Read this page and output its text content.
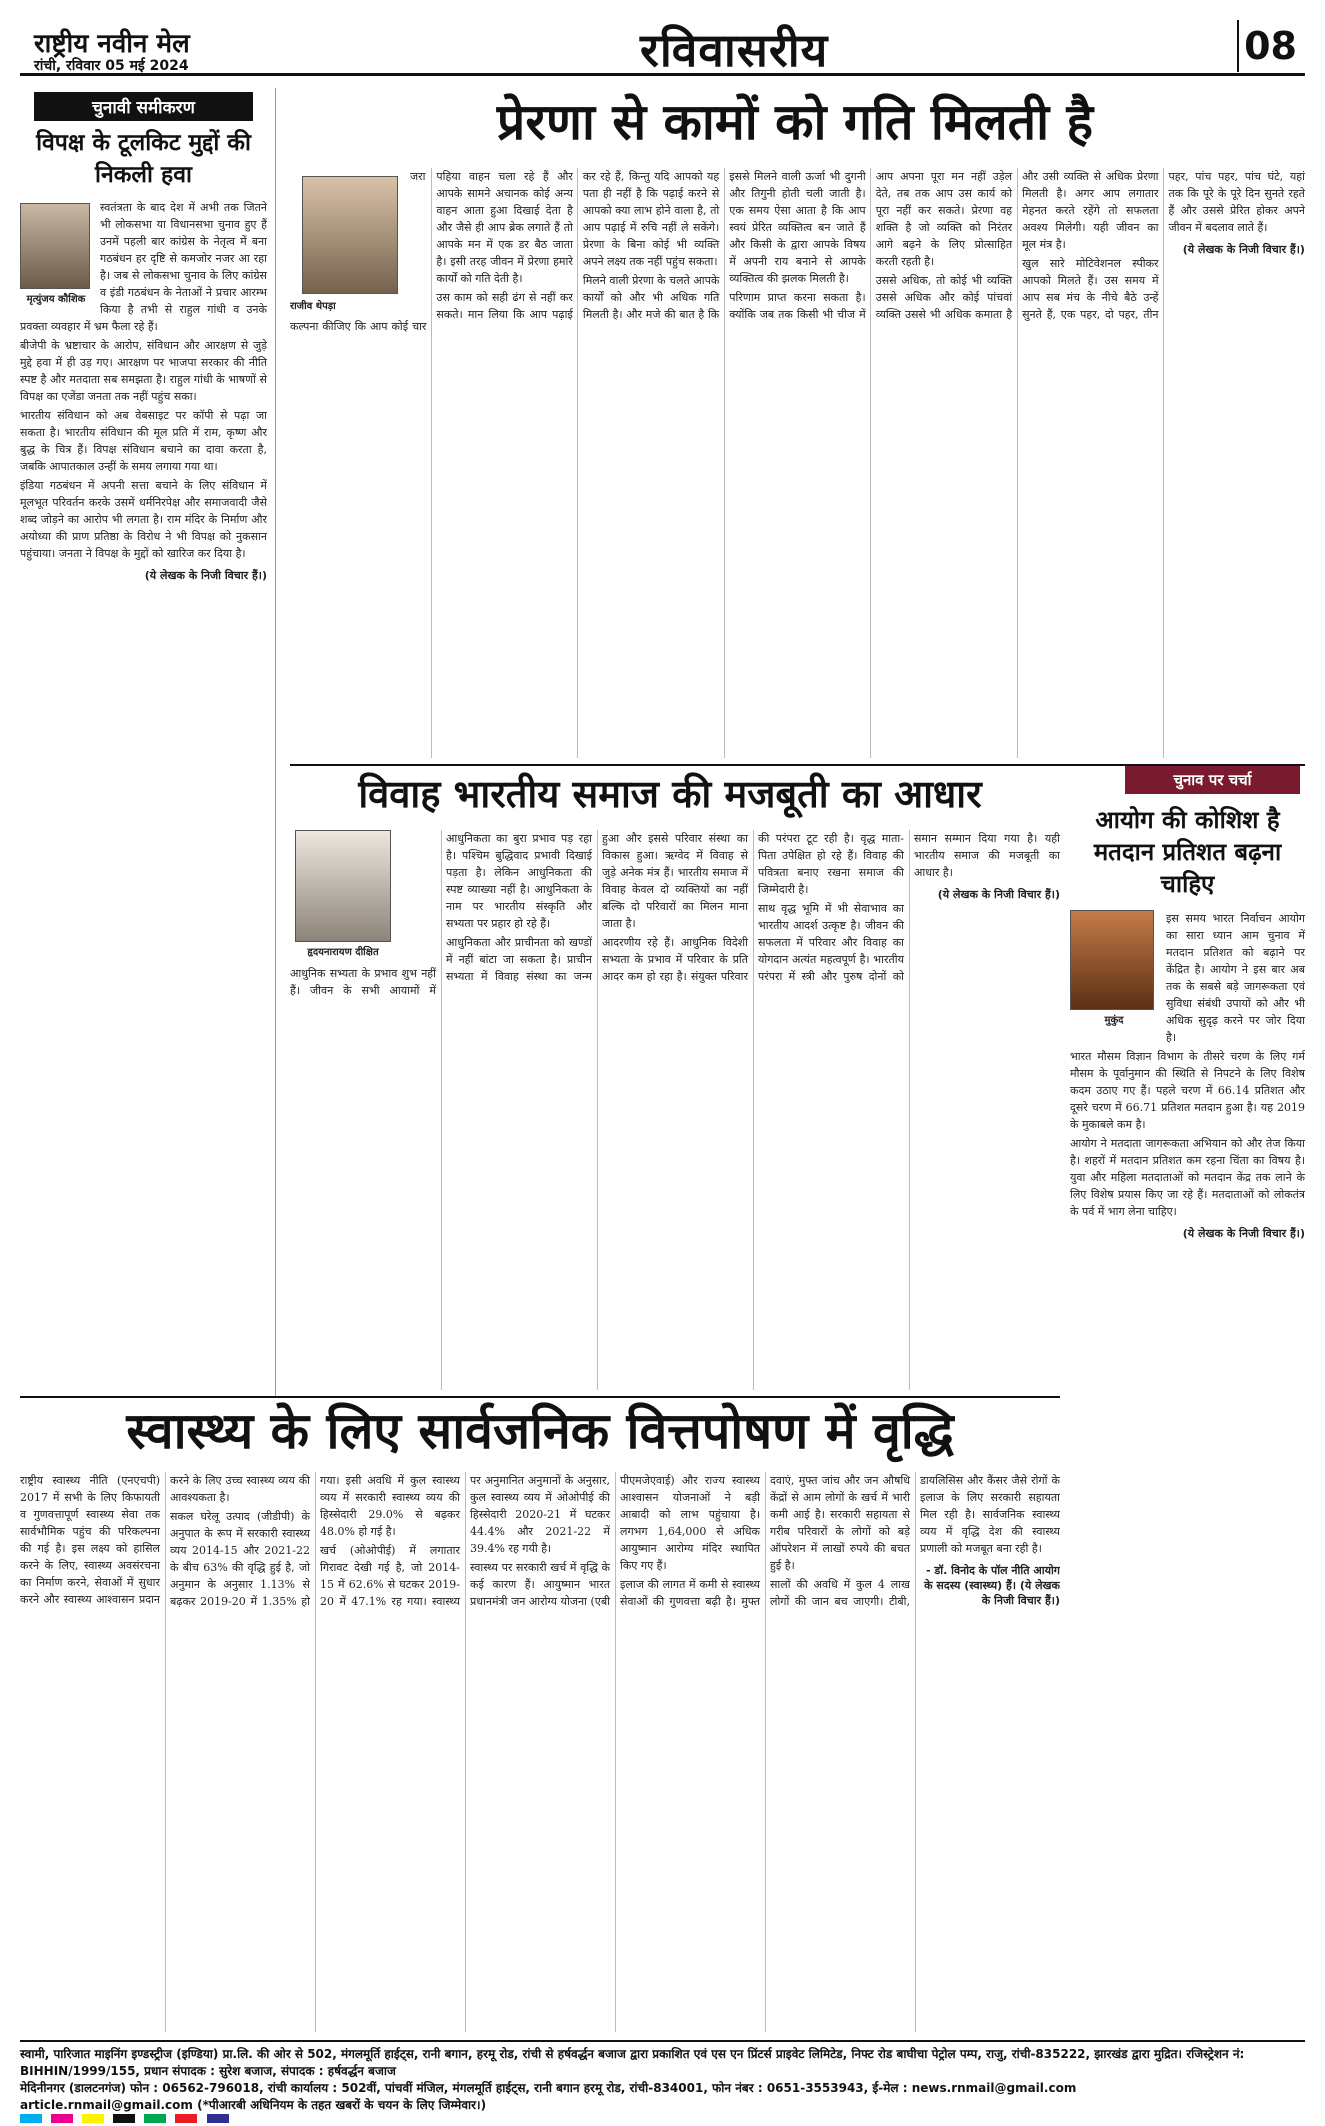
राष्ट्रीय नवीन मेल
रांची, रविवार 05 मई 2024	रविवासरीय	08
चुनावी समीकरण
विपक्ष के टूलकिट मुद्दों की निकली हवा
मृत्युंजय कौशिक

स्वतंत्रता के बाद देश में अभी तक जितने भी लोकसभा या विधानसभा चुनाव हुए हैं उनमें पहली बार कांग्रेस के नेतृत्व में बना गठबंधन हर दृष्टि से कमजोर नजर आ रहा है। जब से लोकसभा चुनाव के लिए कांग्रेस व इंडी गठबंधन के नेताओं ने प्रचार आरम्भ किया है तभी से राहुल गांधी व उनके प्रवक्ता व्यवहार में भ्रम फैला रहे हैं।

बीजेपी के भ्रष्टाचार के आरोप, संविधान और आरक्षण से जुड़े मुद्दे हवा में ही उड़ गए। आरक्षण पर भाजपा सरकार की नीति स्पष्ट है और मतदाता सब समझता है। राहुल गांधी के भाषणों से विपक्ष का एजेंडा जनता तक नहीं पहुंच सका।

भारतीय संविधान को अब वेबसाइट पर कॉपी से पढ़ा जा सकता है। भारतीय संविधान की मूल प्रति में राम, कृष्ण और बुद्ध के चित्र हैं। विपक्ष संविधान बचाने का दावा करता है, जबकि आपातकाल उन्हीं के समय लगाया गया था।

इंडिया गठबंधन में अपनी सत्ता बचाने के लिए संविधान में मूलभूत परिवर्तन करके उसमें धर्मनिरपेक्ष और समाजवादी जैसे शब्द जोड़ने का आरोप भी लगता है। राम मंदिर के निर्माण और अयोध्या की प्राण प्रतिष्ठा के विरोध ने भी विपक्ष को नुकसान पहुंचाया। जनता ने विपक्ष के मुद्दों को खारिज कर दिया है।

(ये लेखक के निजी विचार हैं।)
प्रेरणा से कामों को गति मिलती है
राजीव थेपड़ा

जरा कल्पना कीजिए कि आप कोई चार पहिया वाहन चला रहे हैं और आपके सामने अचानक कोई अन्य वाहन आता हुआ दिखाई देता है और जैसे ही आप ब्रेक लगाते हैं तो आपके मन में एक डर बैठ जाता है। इसी तरह जीवन में प्रेरणा हमारे कार्यों को गति देती है।

उस काम को सही ढंग से नहीं कर सकते। मान लिया कि आप पढ़ाई कर रहे हैं, किन्तु यदि आपको यह पता ही नहीं है कि पढ़ाई करने से आपको क्या लाभ होने वाला है, तो आप पढ़ाई में रुचि नहीं ले सकेंगे। प्रेरणा के बिना कोई भी व्यक्ति अपने लक्ष्य तक नहीं पहुंच सकता।

मिलने वाली प्रेरणा के चलते आपके कार्यों को और भी अधिक गति मिलती है। और मजे की बात है कि इससे मिलने वाली ऊर्जा भी दुगनी और तिगुनी होती चली जाती है। एक समय ऐसा आता है कि आप स्वयं प्रेरित व्यक्तित्व बन जाते हैं और किसी के द्वारा आपके विषय में अपनी राय बनाने से आपके व्यक्तित्व की झलक मिलती है।

परिणाम प्राप्त करना सकता है। क्योंकि जब तक किसी भी चीज में आप अपना पूरा मन नहीं उड़ेल देते, तब तक आप उस कार्य को पूरा नहीं कर सकते। प्रेरणा वह शक्ति है जो व्यक्ति को निरंतर आगे बढ़ने के लिए प्रोत्साहित करती रहती है।

उससे अधिक, तो कोई भी व्यक्ति उससे अधिक और कोई पांचवां व्यक्ति उससे भी अधिक कमाता है और उसी व्यक्ति से अधिक प्रेरणा मिलती है। अगर आप लगातार मेहनत करते रहेंगे तो सफलता अवश्य मिलेगी। यही जीवन का मूल मंत्र है।

खुल सारे मोटिवेशनल स्पीकर आपको मिलते हैं। उस समय में आप सब मंच के नीचे बैठे उन्हें सुनते हैं, एक पहर, दो पहर, तीन पहर, पांच पहर, पांच घंटे, यहां तक कि पूरे के पूरे दिन सुनते रहते हैं और उससे प्रेरित होकर अपने जीवन में बदलाव लाते हैं।

(ये लेखक के निजी विचार हैं।)
विवाह भारतीय समाज की मजबूती का आधार
हृदयनारायण दीक्षित

आधुनिक सभ्यता के प्रभाव शुभ नहीं हैं। जीवन के सभी आयामों में आधुनिकता का बुरा प्रभाव पड़ रहा है। पश्चिम बुद्धिवाद प्रभावी दिखाई पड़ता है। लेकिन आधुनिकता की स्पष्ट व्याख्या नहीं है। आधुनिकता के नाम पर भारतीय संस्कृति और सभ्यता पर प्रहार हो रहे हैं।

आधुनिकता और प्राचीनता को खण्डों में नहीं बांटा जा सकता है। प्राचीन सभ्यता में विवाह संस्था का जन्म हुआ और इससे परिवार संस्था का विकास हुआ। ऋग्वेद में विवाह से जुड़े अनेक मंत्र हैं। भारतीय समाज में विवाह केवल दो व्यक्तियों का नहीं बल्कि दो परिवारों का मिलन माना जाता है।

आदरणीय रहे हैं। आधुनिक विदेशी सभ्यता के प्रभाव में परिवार के प्रति आदर कम हो रहा है। संयुक्त परिवार की परंपरा टूट रही है। वृद्ध माता-पिता उपेक्षित हो रहे हैं। विवाह की पवित्रता बनाए रखना समाज की जिम्मेदारी है।

साथ वृद्ध भूमि में भी सेवाभाव का भारतीय आदर्श उत्कृष्ट है। जीवन की सफलता में परिवार और विवाह का योगदान अत्यंत महत्वपूर्ण है। भारतीय परंपरा में स्त्री और पुरुष दोनों को समान सम्मान दिया गया है। यही भारतीय समाज की मजबूती का आधार है।

(ये लेखक के निजी विचार हैं।)
चुनाव पर चर्चा
आयोग की कोशिश है मतदान प्रतिशत बढ़ना चाहिए
मुकुंद

इस समय भारत निर्वाचन आयोग का सारा ध्यान आम चुनाव में मतदान प्रतिशत को बढ़ाने पर केंद्रित है। आयोग ने इस बार अब तक के सबसे बड़े जागरूकता एवं सुविधा संबंधी उपायों को और भी अधिक सुदृढ़ करने पर जोर दिया है।

भारत मौसम विज्ञान विभाग के तीसरे चरण के लिए गर्म मौसम के पूर्वानुमान की स्थिति से निपटने के लिए विशेष कदम उठाए गए हैं। पहले चरण में 66.14 प्रतिशत और दूसरे चरण में 66.71 प्रतिशत मतदान हुआ है। यह 2019 के मुकाबले कम है।

आयोग ने मतदाता जागरूकता अभियान को और तेज किया है। शहरों में मतदान प्रतिशत कम रहना चिंता का विषय है। युवा और महिला मतदाताओं को मतदान केंद्र तक लाने के लिए विशेष प्रयास किए जा रहे हैं। मतदाताओं को लोकतंत्र के पर्व में भाग लेना चाहिए।

(ये लेखक के निजी विचार हैं।)
स्वास्थ्य के लिए सार्वजनिक वित्तपोषण में वृद्धि

राष्ट्रीय स्वास्थ्य नीति (एनएचपी) 2017 में सभी के लिए किफायती व गुणवत्तापूर्ण स्वास्थ्य सेवा तक सार्वभौमिक पहुंच की परिकल्पना की गई है। इस लक्ष्य को हासिल करने के लिए, स्वास्थ्य अवसंरचना का निर्माण करने, सेवाओं में सुधार करने और स्वास्थ्य आश्वासन प्रदान करने के लिए उच्च स्वास्थ्य व्यय की आवश्यकता है।

सकल घरेलू उत्पाद (जीडीपी) के अनुपात के रूप में सरकारी स्वास्थ्य व्यय 2014-15 और 2021-22 के बीच 63% की वृद्धि हुई है, जो अनुमान के अनुसार 1.13% से बढ़कर 2019-20 में 1.35% हो गया। इसी अवधि में कुल स्वास्थ्य व्यय में सरकारी स्वास्थ्य व्यय की हिस्सेदारी 29.0% से बढ़कर 48.0% हो गई है।

खर्च (ओओपीई) में लगातार गिरावट देखी गई है, जो 2014-15 में 62.6% से घटकर 2019-20 में 47.1% रह गया। स्वास्थ्य पर अनुमानित अनुमानों के अनुसार, कुल स्वास्थ्य व्यय में ओओपीई की हिस्सेदारी 2020-21 में घटकर 44.4% और 2021-22 में 39.4% रह गयी है।

स्वास्थ्य पर सरकारी खर्च में वृद्धि के कई कारण हैं। आयुष्मान भारत प्रधानमंत्री जन आरोग्य योजना (एबी पीएमजेएवाई) और राज्य स्वास्थ्य आश्वासन योजनाओं ने बड़ी आबादी को लाभ पहुंचाया है। लगभग 1,64,000 से अधिक आयुष्मान आरोग्य मंदिर स्थापित किए गए हैं।

इलाज की लागत में कमी से स्वास्थ्य सेवाओं की गुणवत्ता बढ़ी है। मुफ्त दवाएं, मुफ्त जांच और जन औषधि केंद्रों से आम लोगों के खर्च में भारी कमी आई है। सरकारी सहायता से गरीब परिवारों के लोगों को बड़े ऑपरेशन में लाखों रुपये की बचत हुई है।

सालों की अवधि में कुल 4 लाख लोगों की जान बच जाएगी। टीबी, डायलिसिस और कैंसर जैसे रोगों के इलाज के लिए सरकारी सहायता मिल रही है। सार्वजनिक स्वास्थ्य व्यय में वृद्धि देश की स्वास्थ्य प्रणाली को मजबूत बना रही है।

- डॉ. विनोद के पॉल नीति आयोग के सदस्य (स्वास्थ्य) हैं। (ये लेखक के निजी विचार हैं।)
स्वामी, पारिजात माइनिंग इण्डस्ट्रीज (इण्डिया) प्रा.लि. की ओर से 502, मंगलमूर्ति हाईट्स, रानी बगान, हरमू रोड, रांची से हर्षवर्द्धन बजाज द्वारा प्रकाशित एवं एस एन प्रिंटर्स प्राइवेट लिमिटेड, निफ्ट रोड बाघीचा पेट्रोल पम्प, राजु, रांची-835222, झारखंड द्वारा मुद्रित। रजिस्ट्रेशन नं: BIHHIN/1999/155, प्रधान संपादक : सुरेश बजाज, संपादक : हर्षवर्द्धन बजाज
मेदिनीनगर (डालटनगंज) फोन : 06562-796018, रांची कार्यालय : 502वीं, पांचवीं मंजिल, मंगलमूर्ति हाईट्स, रानी बगान हरमू रोड, रांची-834001, फोन नंबर : 0651-3553943, ई-मेल : news.rnmail@gmail.com
article.rnmail@gmail.com (*पीआरबी अधिनियम के तहत खबरों के चयन के लिए जिम्मेवार।)
